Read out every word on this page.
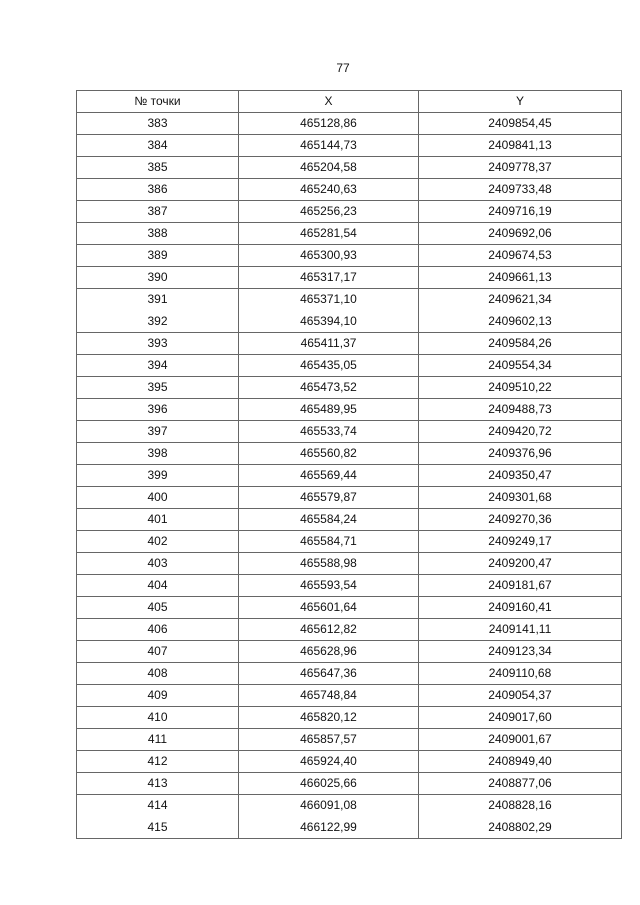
77
№ точки	X	Y
383	465128,86	2409854,45
384	465144,73	2409841,13
385	465204,58	2409778,37
386	465240,63	2409733,48
387	465256,23	2409716,19
388	465281,54	2409692,06
389	465300,93	2409674,53
390	465317,17	2409661,13
391	465371,10	2409621,34
392	465394,10	2409602,13
393	465411,37	2409584,26
394	465435,05	2409554,34
395	465473,52	2409510,22
396	465489,95	2409488,73
397	465533,74	2409420,72
398	465560,82	2409376,96
399	465569,44	2409350,47
400	465579,87	2409301,68
401	465584,24	2409270,36
402	465584,71	2409249,17
403	465588,98	2409200,47
404	465593,54	2409181,67
405	465601,64	2409160,41
406	465612,82	2409141,11
407	465628,96	2409123,34
408	465647,36	2409110,68
409	465748,84	2409054,37
410	465820,12	2409017,60
411	465857,57	2409001,67
412	465924,40	2408949,40
413	466025,66	2408877,06
414	466091,08	2408828,16
415	466122,99	2408802,29
